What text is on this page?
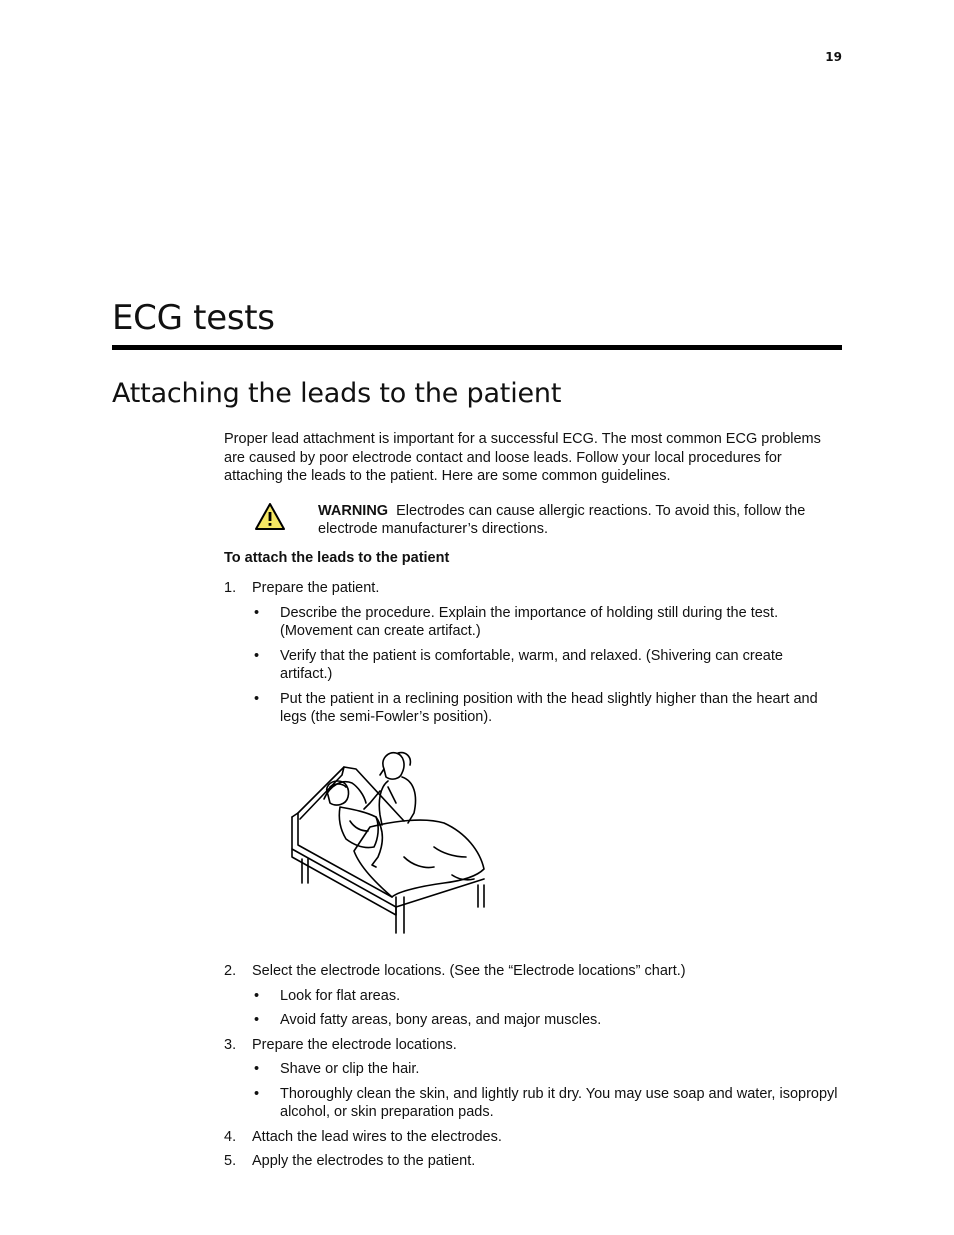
19
ECG tests
Attaching the leads to the patient

Proper lead attachment is important for a successful ECG. The most common ECG problems are caused by poor electrode contact and loose leads. Follow your local procedures for attaching the leads to the patient. Here are some common guidelines.

WARNING Electrodes can cause allergic reactions. To avoid this, follow the electrode manufacturer’s directions.

To attach the leads to the patient

1. Prepare the patient.
• Describe the procedure. Explain the importance of holding still during the test. (Movement can create artifact.)
• Verify that the patient is comfortable, warm, and relaxed. (Shivering can create artifact.)
• Put the patient in a reclining position with the head slightly higher than the heart and legs (the semi-Fowler’s position).
2. Select the electrode locations. (See the “Electrode locations” chart.)
• Look for flat areas.
• Avoid fatty areas, bony areas, and major muscles.
3. Prepare the electrode locations.
• Shave or clip the hair.
• Thoroughly clean the skin, and lightly rub it dry. You may use soap and water, isopropyl alcohol, or skin preparation pads.
4. Attach the lead wires to the electrodes.
5. Apply the electrodes to the patient.
